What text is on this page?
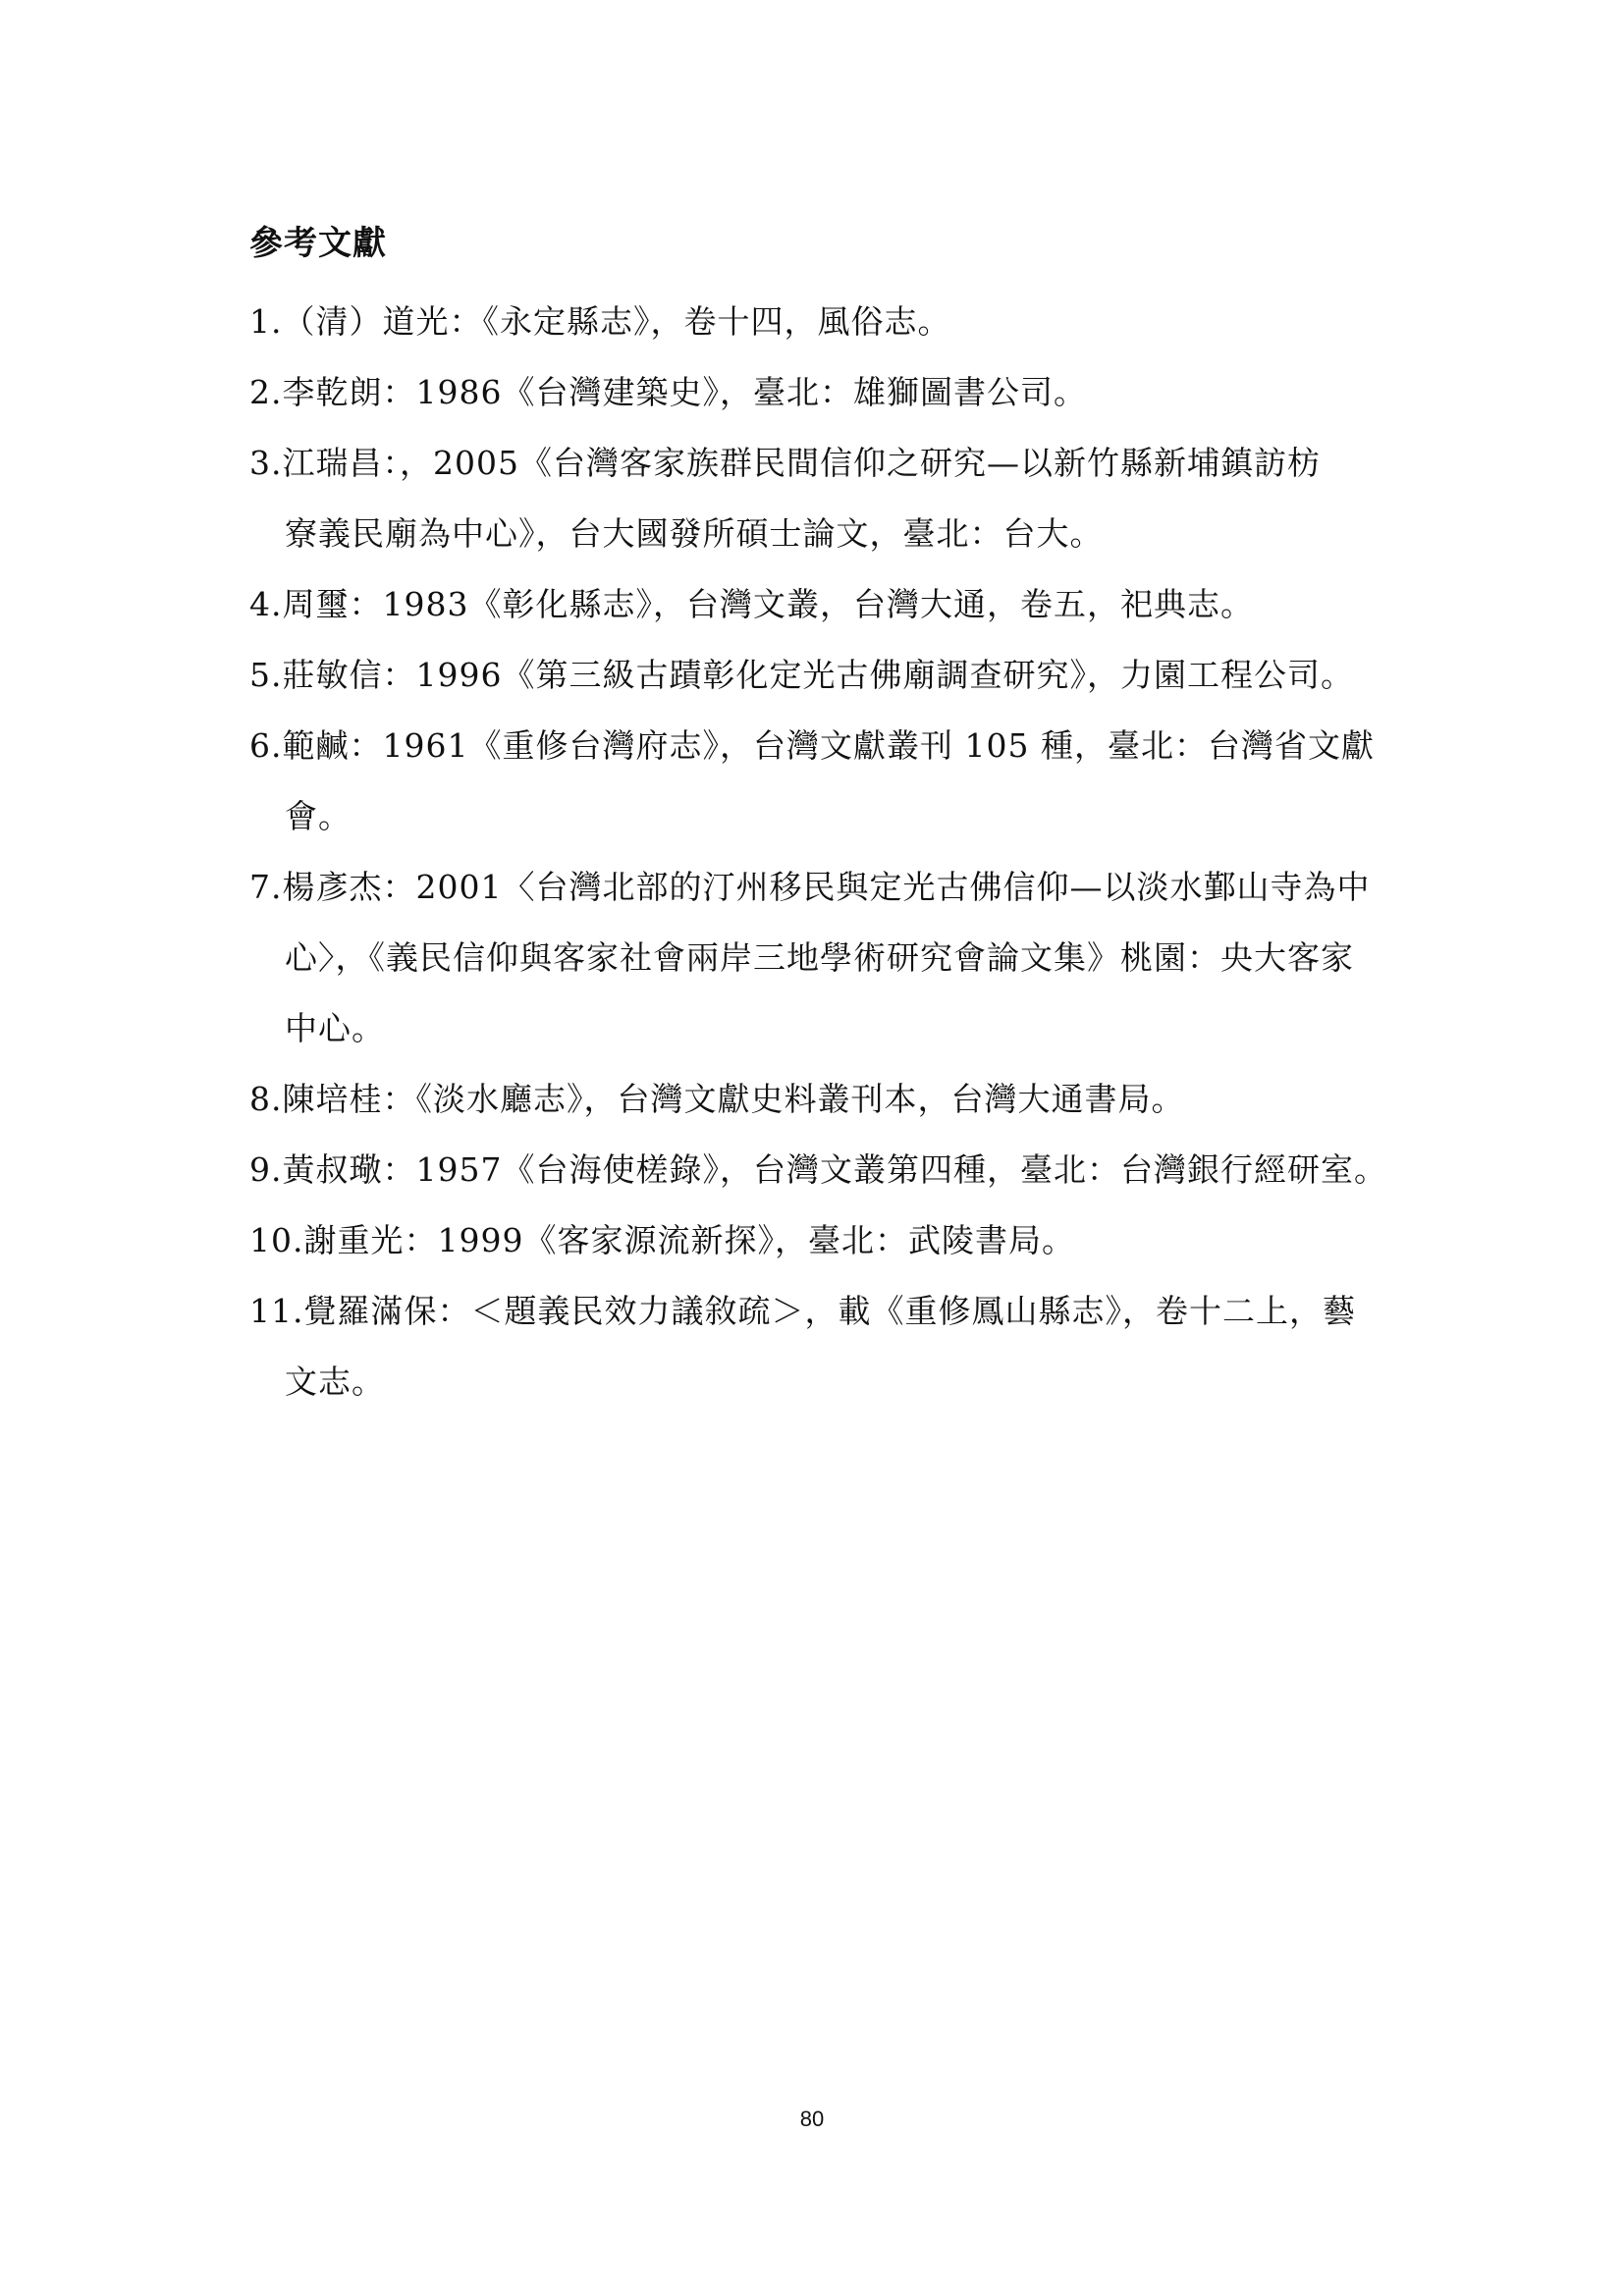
參考文獻
1.（清）道光：《永定縣志》，卷十四，風俗志。
2.李乾朗：1986《台灣建築史》，臺北：雄獅圖書公司。
3.江瑞昌：，2005《台灣客家族群民間信仰之研究—以新竹縣新埔鎮訪枋
寮義民廟為中心》，台大國發所碩士論文，臺北：台大。
4.周璽：1983《彰化縣志》，台灣文叢，台灣大通，卷五，祀典志。
5.莊敏信：1996《第三級古蹟彰化定光古佛廟調查研究》，力園工程公司。
6.範鹹：1961《重修台灣府志》，台灣文獻叢刊 105 種，臺北：台灣省文獻
會。
7.楊彥杰：2001〈台灣北部的汀州移民與定光古佛信仰—以淡水鄞山寺為中
心〉，《義民信仰與客家社會兩岸三地學術研究會論文集》桃園：央大客家
中心。
8.陳培桂：《淡水廳志》，台灣文獻史料叢刊本，台灣大通書局。
9.黃叔璥：1957《台海使槎錄》，台灣文叢第四種，臺北：台灣銀行經研室。
10.謝重光：1999《客家源流新探》，臺北：武陵書局。
11.覺羅滿保：＜題義民效力議敘疏＞，載《重修鳳山縣志》，卷十二上，藝
文志。
80
